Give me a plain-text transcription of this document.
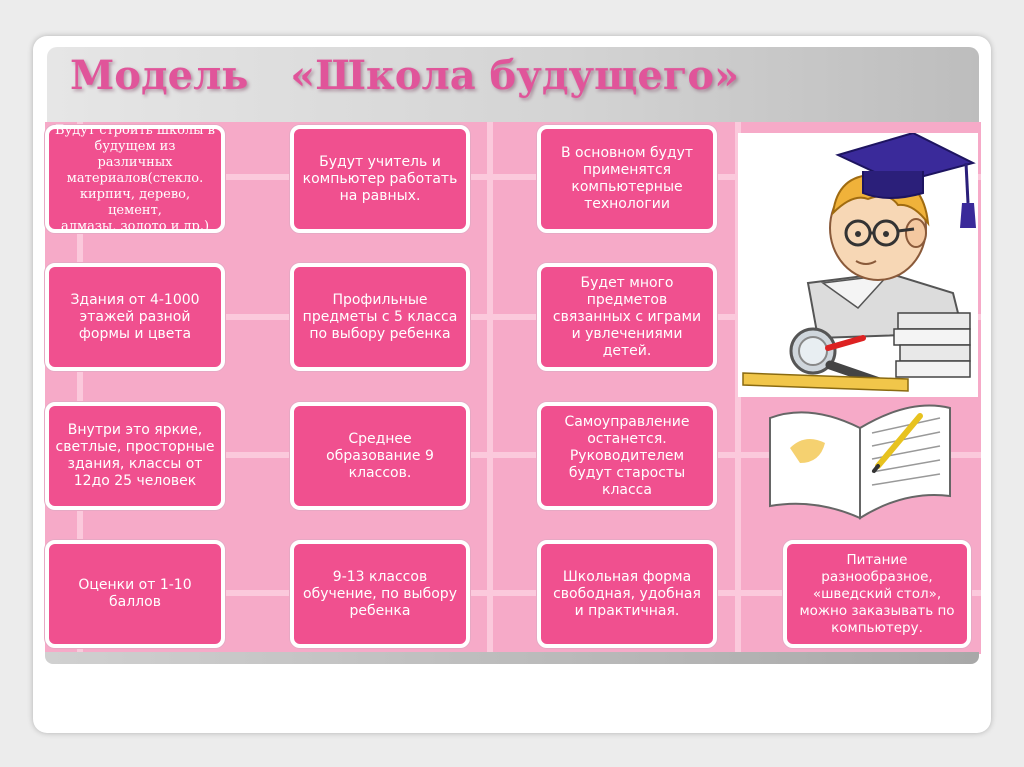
Модель   «Школа будущего»
Будут строить школы в
будущем из различных
материалов(стекло.
кирпич, дерево, цемент,
алмазы, золото и др.)
Будут учитель и
компьютер работать
на равных.
В основном будут
применятся
компьютерные
технологии
Здания от 4-1000
этажей разной
формы и цвета
Профильные
предметы с 5 класса
по выбору ребенка
Будет много
предметов
связанных с играми
и увлечениями
детей.
Внутри это яркие,
светлые, просторные
здания, классы от
12до 25 человек
Среднее
образование 9
классов.
Самоуправление
останется.
Руководителем
будут старосты
класса
Оценки от 1-10
баллов
9-13 классов
обучение, по выбору
ребенка
Школьная форма
свободная, удобная
и практичная.
Питание
разнообразное,
«шведский стол»,
можно заказывать по
компьютеру.
